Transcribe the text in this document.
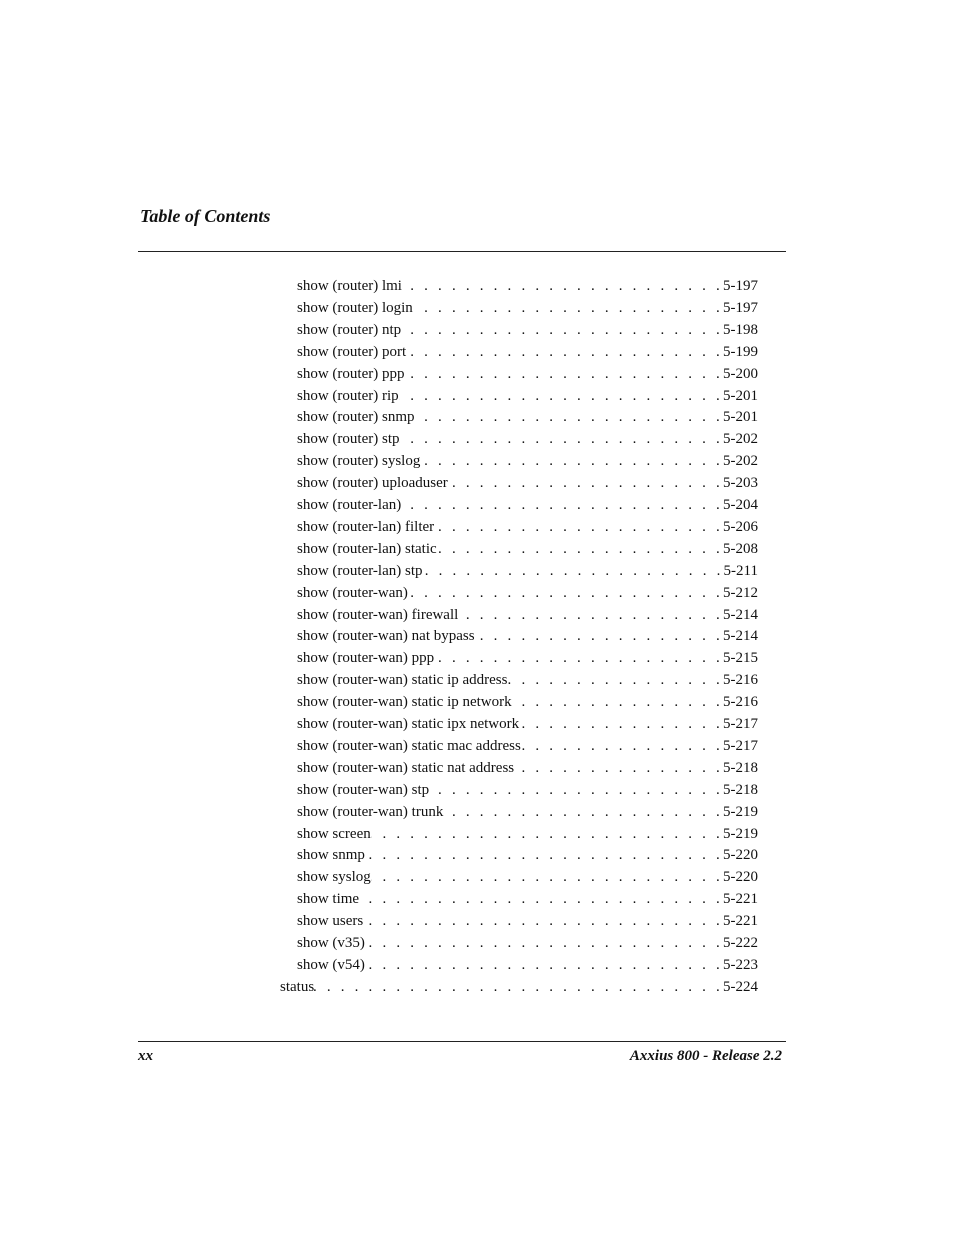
Table of Contents
show (router) lmi . . .	5-197
show (router) login . . .	5-197
show (router) ntp . . .	5-198
show (router) port . . .	5-199
show (router) ppp . . .	5-200
show (router) rip . . .	5-201
show (router) snmp . . .	5-201
show (router) stp . . .	5-202
show (router) syslog . . .	5-202
show (router) uploaduser . . .	5-203
show (router-lan) . . .	5-204
show (router-lan) filter . . .	5-206
show (router-lan) static . . .	5-208
show (router-lan) stp . . .	5-211
show (router-wan) . . .	5-212
show (router-wan) firewall . . .	5-214
show (router-wan) nat bypass . . .	5-214
show (router-wan) ppp . . .	5-215
show (router-wan) static ip address . . .	5-216
show (router-wan) static ip network . . .	5-216
show (router-wan) static ipx network . . .	5-217
show (router-wan) static mac address . . .	5-217
show (router-wan) static nat address . . .	5-218
show (router-wan) stp . . .	5-218
show (router-wan) trunk . . .	5-219
show screen . . .	5-219
show snmp . . .	5-220
show syslog . . .	5-220
show time . . .	5-221
show users . . .	5-221
show (v35) . . .	5-222
show (v54) . . .	5-223
status . . .	5-224
xx	Axxius 800 - Release 2.2
